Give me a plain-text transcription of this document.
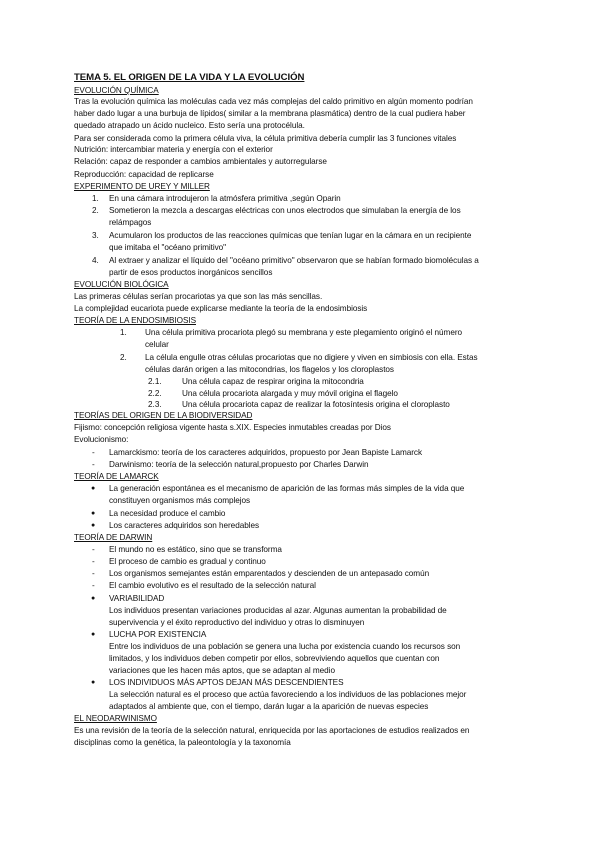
TEMA 5. EL ORIGEN DE LA VIDA Y LA EVOLUCIÓN
EVOLUCIÓN QUÍMICA
Tras la evolución química las moléculas cada vez más complejas del caldo primitivo en algún momento podrían
haber dado lugar a una burbuja de lípidos( similar a la membrana plasmática) dentro de la cual pudiera haber
quedado atrapado un ácido nucleico. Esto sería una protocélula.
Para ser considerada como la primera célula viva, la célula primitiva debería cumplir las 3 funciones vitales
Nutrición: intercambiar materia y energía con el exterior
Relación: capaz de responder a cambios ambientales y autorregularse
Reproducción: capacidad de replicarse
EXPERIMENTO DE UREY Y MILLER
1. En una cámara introdujeron la atmósfera primitiva ,según Oparin
2. Sometieron la mezcla a descargas eléctricas con unos electrodos que simulaban la energía de los
relámpagos
3. Acumularon los productos de las reacciones químicas que tenían lugar en la cámara en un recipiente
que imitaba el "océano primitivo"
4. Al extraer y analizar el líquido del "océano primitivo" observaron que se habían formado biomoléculas a
partir de esos productos inorgánicos sencillos
EVOLUCIÓN BIOLÓGICA
Las primeras células serían procariotas ya que son las más sencillas.
La complejidad eucariota puede explicarse mediante la teoría de la endosimbiosis
TEORÍA DE LA ENDOSIMBIOSIS
1. Una célula primitiva procariota plegó su membrana y este plegamiento originó el número
celular
2. La célula engulle otras células procariotas que no digiere y viven en simbiosis con ella. Estas
células darán origen a las mitocondrias, los flagelos y los cloroplastos
2.1. Una célula capaz de respirar origina la mitocondria
2.2. Una célula procariota alargada y muy móvil origina el flagelo
2.3. Una célula procariota capaz de realizar la fotosíntesis origina el cloroplasto
TEORÍAS DEL ORIGEN DE LA BIODIVERSIDAD
Fijismo: concepción religiosa vigente hasta s.XIX. Especies inmutables creadas por Dios
Evolucionismo:
- Lamarckismo: teoría de los caracteres adquiridos, propuesto por Jean Bapiste Lamarck
- Darwinismo: teoría de la selección natural,propuesto por Charles Darwin
TEORÍA DE LAMARCK
● La generación espontánea es el mecanismo de aparición de las formas más simples de la vida que
constituyen organismos más complejos
● La necesidad produce el cambio
● Los caracteres adquiridos son heredables
TEORÍA DE DARWIN
- El mundo no es estático, sino que se transforma
- El proceso de cambio es gradual y continuo
- Los organismos semejantes están emparentados y descienden de un antepasado común
- El cambio evolutivo es el resultado de la selección natural
● VARIABILIDAD
Los individuos presentan variaciones producidas al azar. Algunas aumentan la probabilidad de
supervivencia y el éxito reproductivo del individuo y otras lo disminuyen
● LUCHA POR EXISTENCIA
Entre los individuos de una población se genera una lucha por existencia cuando los recursos son
limitados, y los individuos deben competir por ellos, sobreviviendo aquellos que cuentan con
variaciones que les hacen más aptos, que se adaptan al medio
● LOS INDIVIDUOS MÁS APTOS DEJAN MÁS DESCENDIENTES
La selección natural es el proceso que actúa favoreciendo a los individuos de las poblaciones mejor
adaptados al ambiente que, con el tiempo, darán lugar a la aparición de nuevas especies
EL NEODARWINISMO
Es una revisión de la teoría de la selección natural, enriquecida por las aportaciones de estudios realizados en
disciplinas como la genética, la paleontología y la taxonomía
